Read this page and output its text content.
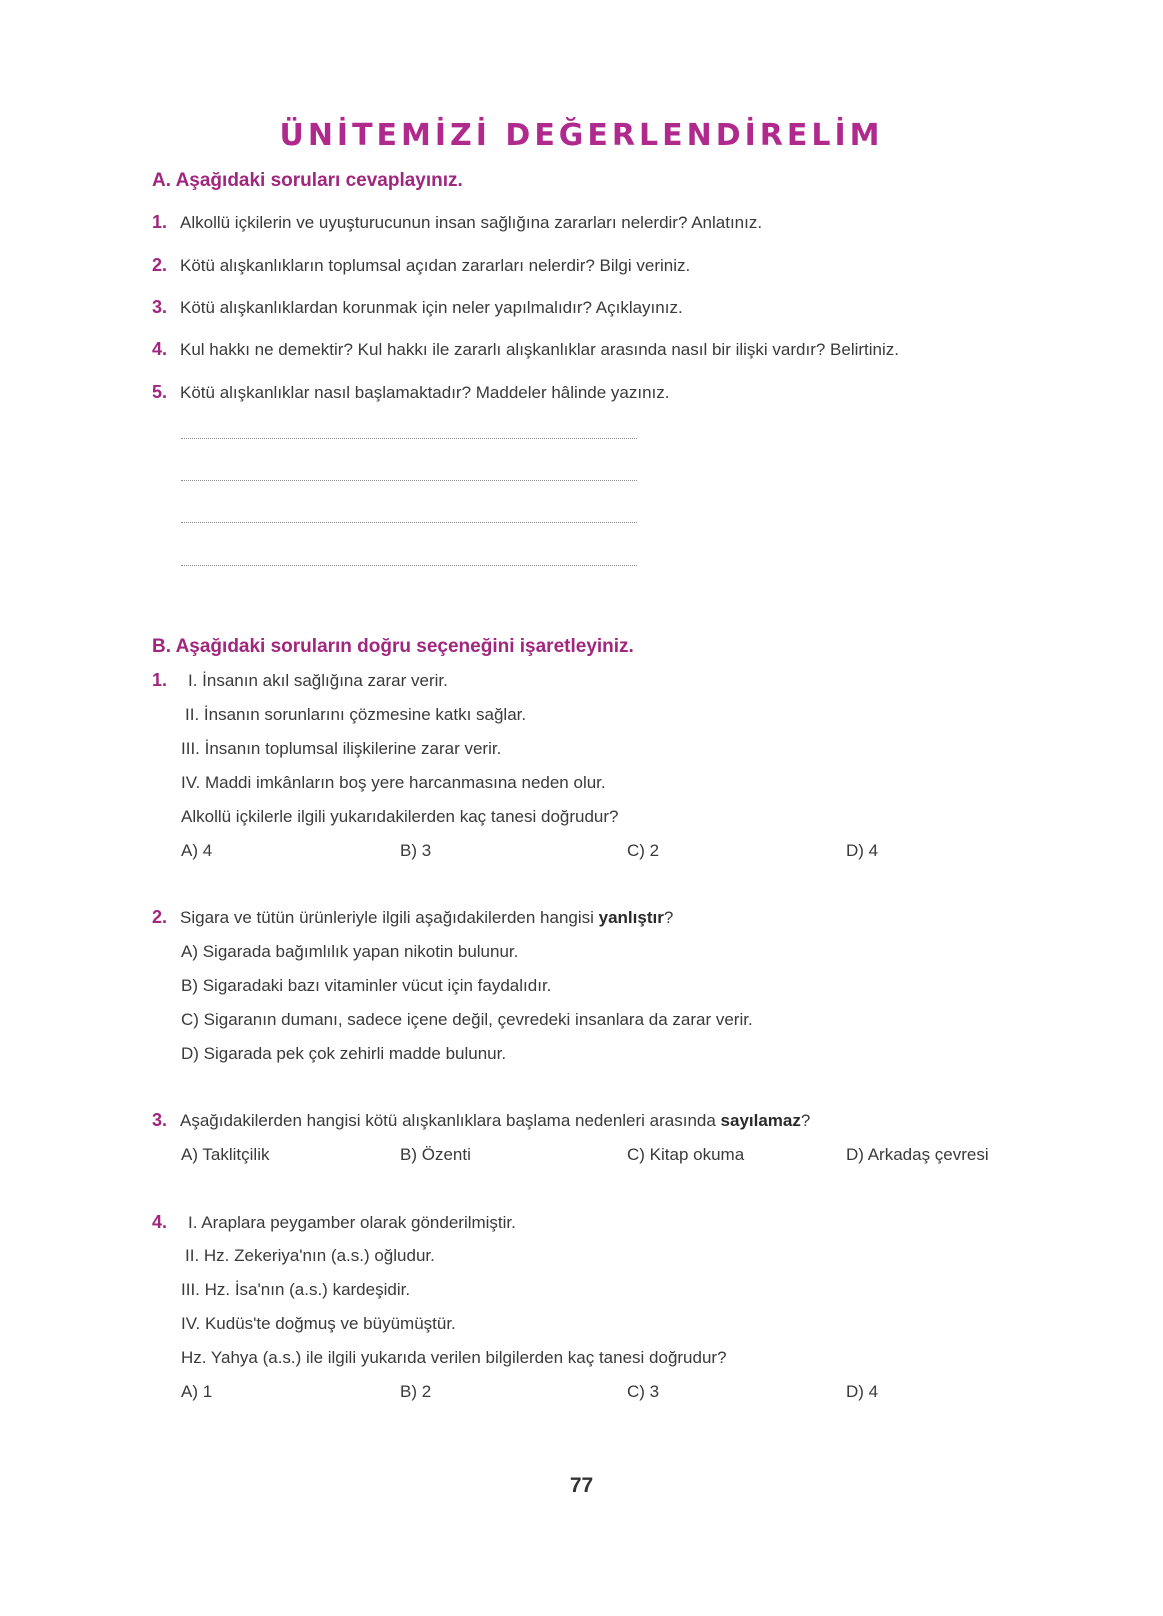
ÜNİTEMİZİ DEĞERLENDİRELİM
A. Aşağıdaki soruları cevaplayınız.
1. Alkollü içkilerin ve uyuşturucunun insan sağlığına zararları nelerdir? Anlatınız.
2. Kötü alışkanlıkların toplumsal açıdan zararları nelerdir? Bilgi veriniz.
3. Kötü alışkanlıklardan korunmak için neler yapılmalıdır? Açıklayınız.
4. Kul hakkı ne demektir? Kul hakkı ile zararlı alışkanlıklar arasında nasıl bir ilişki vardır? Belirtiniz.
5. Kötü alışkanlıklar nasıl başlamaktadır? Maddeler hâlinde yazınız.
B. Aşağıdaki soruların doğru seçeneğini işaretleyiniz.
1.	I. İnsanın akıl sağlığına zarar verir.
II. İnsanın sorunlarını çözmesine katkı sağlar.
III. İnsanın toplumsal ilişkilerine zarar verir.
IV. Maddi imkânların boş yere harcanmasına neden olur.
Alkollü içkilerle ilgili yukarıdakilerden kaç tanesi doğrudur?
A) 4	B) 3	C) 2	D) 4
2. Sigara ve tütün ürünleriyle ilgili aşağıdakilerden hangisi yanlıştır?
A) Sigarada bağımlılık yapan nikotin bulunur.
B) Sigaradaki bazı vitaminler vücut için faydalıdır.
C) Sigaranın dumanı, sadece içene değil, çevredeki insanlara da zarar verir.
D) Sigarada pek çok zehirli madde bulunur.
3. Aşağıdakilerden hangisi kötü alışkanlıklara başlama nedenleri arasında sayılamaz?
A) Taklitçilik	B) Özenti	C) Kitap okuma	D) Arkadaş çevresi
4.	I. Araplara peygamber olarak gönderilmiştir.
II. Hz. Zekeriya'nın (a.s.) oğludur.
III. Hz. İsa'nın (a.s.) kardeşidir.
IV. Kudüs'te doğmuş ve büyümüştür.
Hz. Yahya (a.s.) ile ilgili yukarıda verilen bilgilerden kaç tanesi doğrudur?
A) 1	B) 2	C) 3	D) 4
77
